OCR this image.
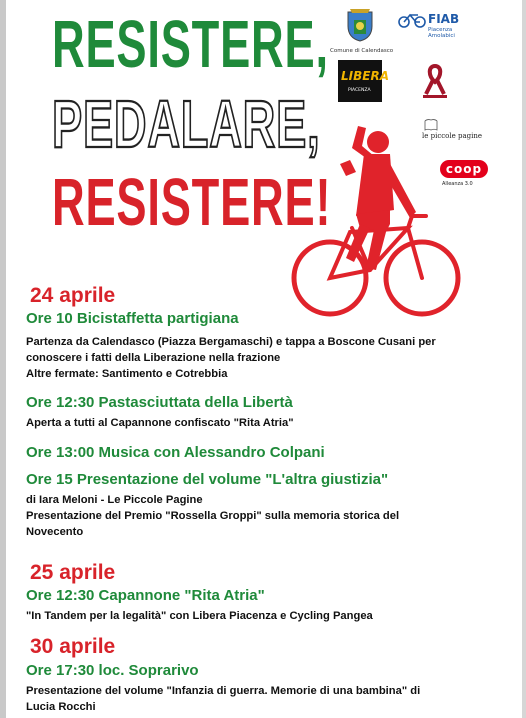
RESISTERE,
PEDALARE,
RESISTERE!
Comune di Calendasco
FIAB
Piacenza
Amolabici
LIBERA
PIACENZA
le piccole pagine
coop
Alleanza 3.0
24 aprile
Ore 10 Bicistaffetta partigiana
Partenza da Calendasco (Piazza Bergamaschi) e tappa a Boscone Cusani per
conoscere i fatti della Liberazione nella frazione
Altre fermate: Santimento e Cotrebbia
Ore 12:30 Pastasciuttata della Libertà
Aperta a tutti al Capannone confiscato "Rita Atria"
Ore 13:00 Musica con Alessandro Colpani
Ore 15 Presentazione del volume "L'altra giustizia"
di Iara Meloni - Le Piccole Pagine
Presentazione del Premio "Rossella Groppi" sulla memoria storica del
Novecento
25 aprile
Ore 12:30 Capannone "Rita Atria"
"In Tandem per la legalità" con Libera Piacenza e Cycling Pangea
30 aprile
Ore 17:30 loc. Soprarivo
Presentazione del volume "Infanzia di guerra. Memorie di una bambina" di
Lucia Rocchi
